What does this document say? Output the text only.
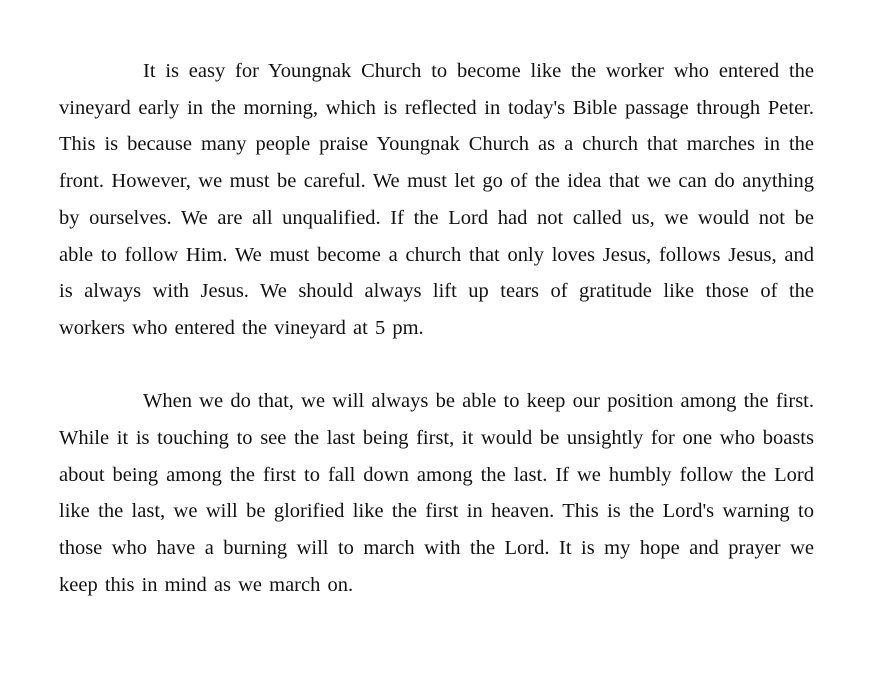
It is easy for Youngnak Church to become like the worker who entered the vineyard early in the morning, which is reflected in today's Bible passage through Peter. This is because many people praise Youngnak Church as a church that marches in the front. However, we must be careful. We must let go of the idea that we can do anything by ourselves. We are all unqualified. If the Lord had not called us, we would not be able to follow Him. We must become a church that only loves Jesus, follows Jesus, and is always with Jesus. We should always lift up tears of gratitude like those of the workers who entered the vineyard at 5 pm.

When we do that, we will always be able to keep our position among the first. While it is touching to see the last being first, it would be unsightly for one who boasts about being among the first to fall down among the last. If we humbly follow the Lord like the last, we will be glorified like the first in heaven. This is the Lord's warning to those who have a burning will to march with the Lord. It is my hope and prayer we keep this in mind as we march on.
